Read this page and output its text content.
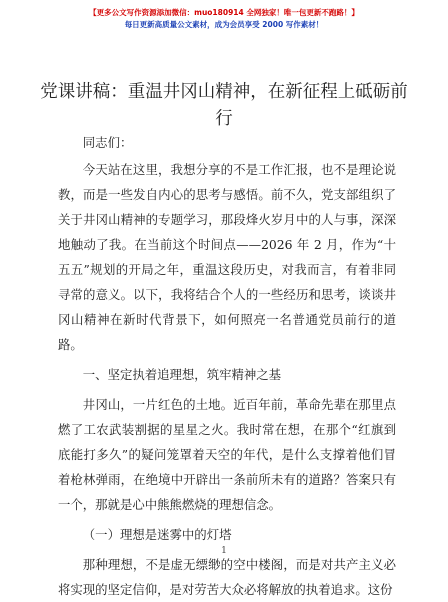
【更多公文写作资源添加微信：muo180914 全网独家！唯一包更新不跑路！】
每日更新高质量公文素材，成为会员享受 2000 写作素材！
党课讲稿：重温井冈山精神，在新征程上砥砺前行

同志们：

今天站在这里，我想分享的不是工作汇报，也不是理论说教，而是一些发自内心的思考与感悟。前不久，党支部组织了关于井冈山精神的专题学习，那段烽火岁月中的人与事，深深地触动了我。在当前这个时间点——2026 年 2 月，作为“十五五”规划的开局之年，重温这段历史，对我而言，有着非同寻常的意义。以下，我将结合个人的一些经历和思考，谈谈井冈山精神在新时代背景下，如何照亮一名普通党员前行的道路。

一、坚定执着追理想，筑牢精神之基

井冈山，一片红色的土地。近百年前，革命先辈在那里点燃了工农武装割据的星星之火。我时常在想，在那个“红旗到底能打多久”的疑问笼罩着天空的年代，是什么支撑着他们冒着枪林弹雨，在绝境中开辟出一条前所未有的道路？答案只有一个，那就是心中熊熊燃烧的理想信念。

（一）理想是迷雾中的灯塔

那种理想，不是虚无缥缈的空中楼阁，而是对共产主义必将实现的坚定信仰，是对劳苦大众必将解放的执着追求。这份

1
